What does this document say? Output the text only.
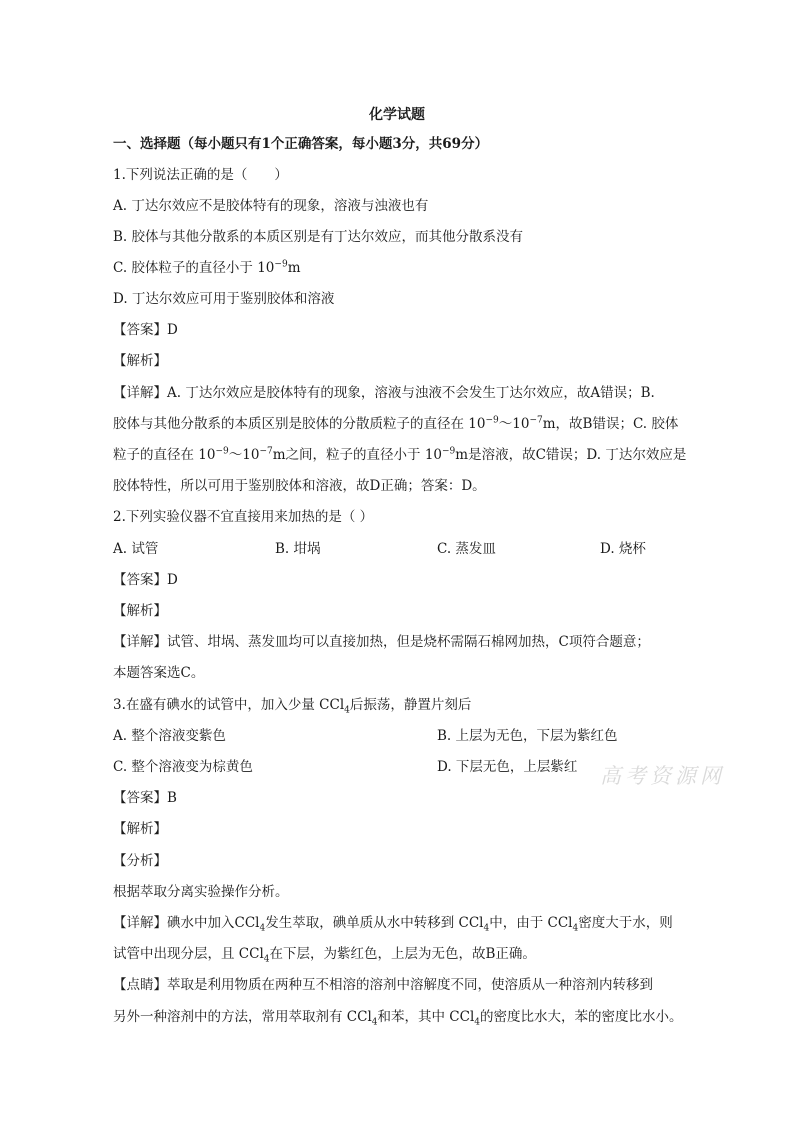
化学试题
一、选择题（每小题只有1个正确答案，每小题3分，共69分）
1.下列说法正确的是（　　）
A. 丁达尔效应不是胶体特有的现象，溶液与浊液也有
B. 胶体与其他分散系的本质区别是有丁达尔效应，而其他分散系没有
C. 胶体粒子的直径小于 $10^{-9}m$
D. 丁达尔效应可用于鉴别胶体和溶液
【答案】D
【解析】
【详解】A. 丁达尔效应是胶体特有的现象，溶液与浊液不会发生丁达尔效应，故A错误；B.
胶体与其他分散系的本质区别是胶体的分散质粒子的直径在 $10^{-9}\sim 10^{-7}m$，故B错误；C. 胶体
粒子的直径在 $10^{-9}\sim 10^{-7}m$之间，粒子的直径小于 $10^{-9}m$是溶液，故C错误；D. 丁达尔效应是
胶体特性，所以可用于鉴别胶体和溶液，故D正确；答案：D。
2.下列实验仪器不宜直接用来加热的是（ ）
A. 试管	B. 坩埚	C. 蒸发皿	D. 烧杯
【答案】D
【解析】
【详解】试管、坩埚、蒸发皿均可以直接加热，但是烧杯需隔石棉网加热，C项符合题意；
本题答案选C。
3.在盛有碘水的试管中，加入少量 CCl$_4$后振荡，静置片刻后
A. 整个溶液变紫色	B. 上层为无色，下层为紫红色
C. 整个溶液变为棕黄色	D. 下层无色，上层紫红
【答案】B
【解析】
【分析】
根据萃取分离实验操作分析。
【详解】碘水中加入CCl$_4$发生萃取，碘单质从水中转移到 CCl$_4$中，由于 CCl$_4$密度大于水，则
试管中出现分层，且 CCl$_4$在下层，为紫红色，上层为无色，故B正确。
【点睛】萃取是利用物质在两种互不相溶的溶剂中溶解度不同，使溶质从一种溶剂内转移到
另外一种溶剂中的方法，常用萃取剂有 CCl$_4$和苯，其中 CCl$_4$的密度比水大，苯的密度比水小。
高考资源网
